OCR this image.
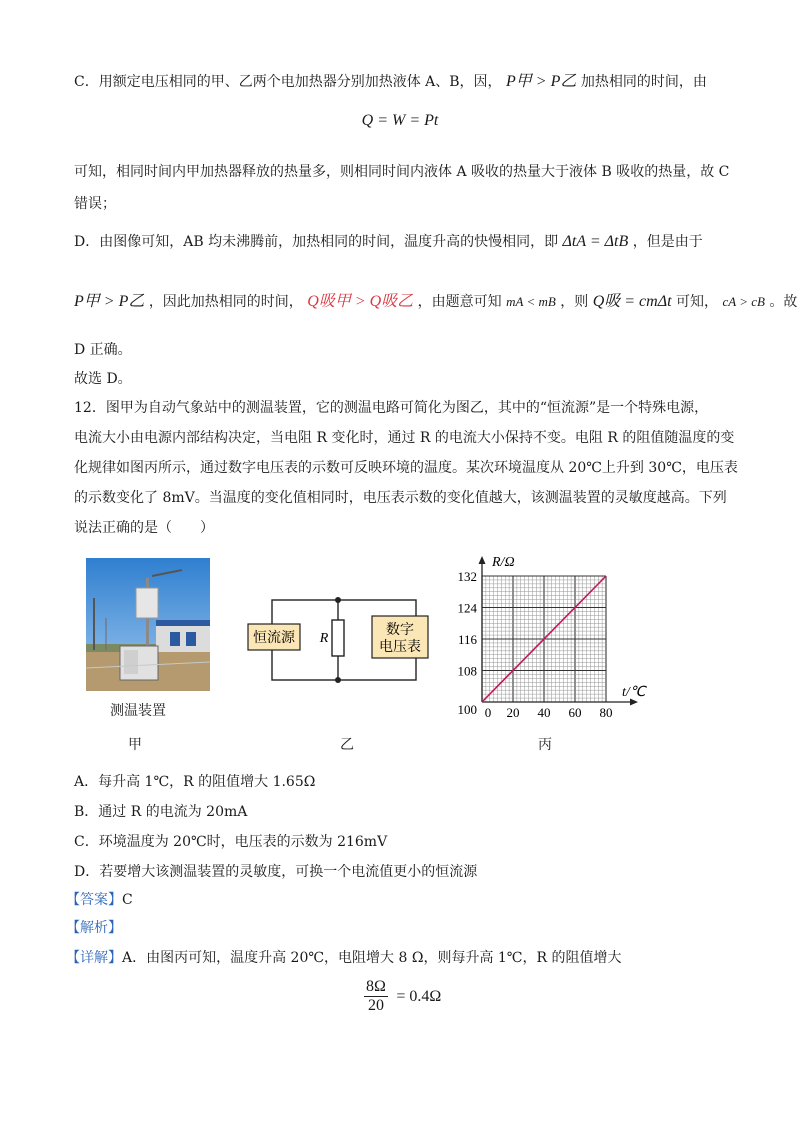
C．用额定电压相同的甲、乙两个电加热器分别加热液体 A、B，因， P甲 > P乙 加热相同的时间，由
Q = W = Pt
可知，相同时间内甲加热器释放的热量多，则相同时间内液体 A 吸收的热量大于液体 B 吸收的热量，故 C
错误；
D．由图像可知，AB 均未沸腾前，加热相同的时间，温度升高的快慢相同，即 ΔtA = ΔtB ，但是由于
P甲 > P乙 ，因此加热相同的时间， Q吸甲 > Q吸乙 ，由题意可知 mA < mB ，则 Q吸 = cmΔt 可知， cA > cB 。故
D 正确。
故选 D。
12．图甲为自动气象站中的测温装置，它的测温电路可简化为图乙，其中的“恒流源”是一个特殊电源，
电流大小由电源内部结构决定，当电阻 R 变化时，通过 R 的电流大小保持不变。电阻 R 的阻值随温度的变
化规律如图丙所示，通过数字电压表的示数可反映环境的温度。某次环境温度从 20℃上升到 30℃，电压表
的示数变化了 8mV。当温度的变化值相同时，电压表示数的变化值越大，该测温装置的灵敏度越高。下列
说法正确的是（　　）
测温装置
恒流源 R
数字
电压表
0 20 40 60 80
100
108
116
124
132
R/Ω
t/℃
甲	乙	丙
A．每升高 1℃，R 的阻值增大 1.65Ω
B．通过 R 的电流为 20mA
C．环境温度为 20℃时，电压表的示数为 216mV
D．若要增大该测温装置的灵敏度，可换一个电流值更小的恒流源
【答案】C
【解析】
【详解】A．由图丙可知，温度升高 20℃，电阻增大 8 Ω，则每升高 1℃，R 的阻值增大
$\frac{8\Omega}{20} = 0.4\Omega$
